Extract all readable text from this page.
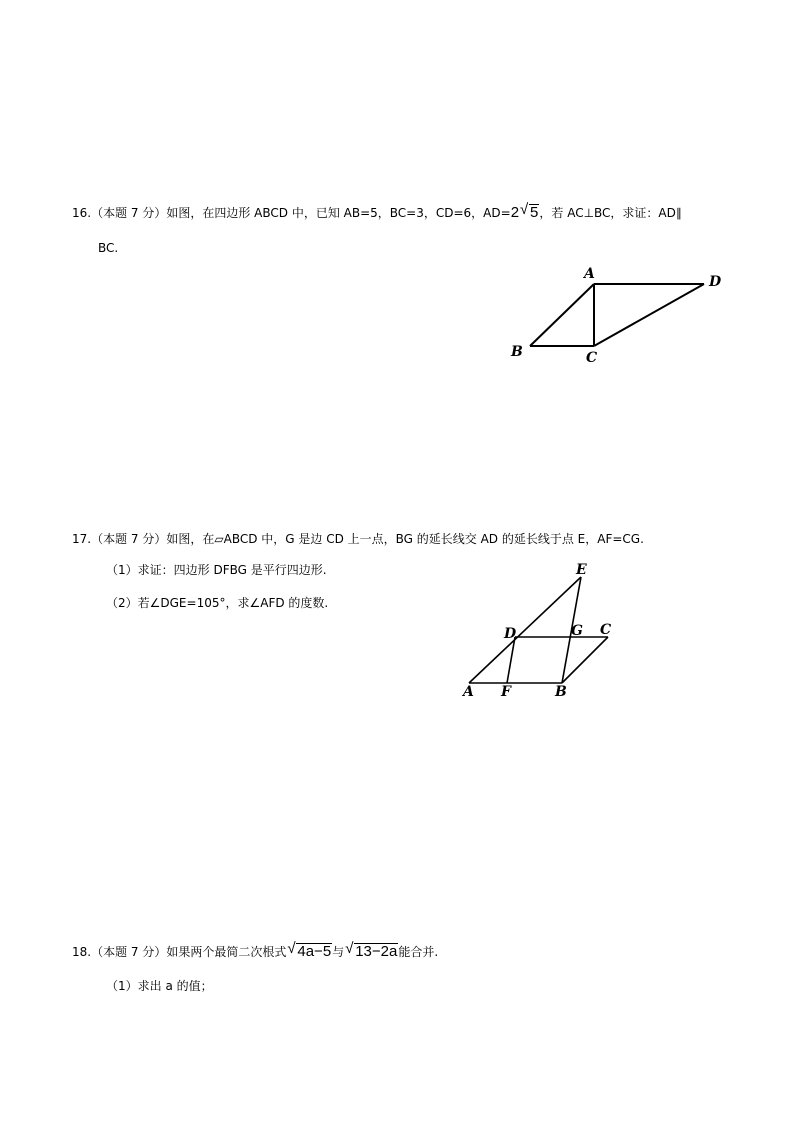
16.（本题 7 分）如图，在四边形 ABCD 中，已知 AB=5，BC=3，CD=6，AD=2 √ 5，若 AC⊥BC，求证：AD∥
BC.
A
B	C
D
17.（本题 7 分）如图，在▱ABCD 中，G 是边 CD 上一点，BG 的延长线交 AD 的延长线于点 E，AF=CG.
（1）求证：四边形 DFBG 是平行四边形.
（2）若∠DGE=105°，求∠AFD 的度数.
E
D	G C
A F	B
18.（本题 7 分）如果两个最简二次根式 √ 4a−5与 √ 13−2a能合并.
（1）求出 a 的值；
